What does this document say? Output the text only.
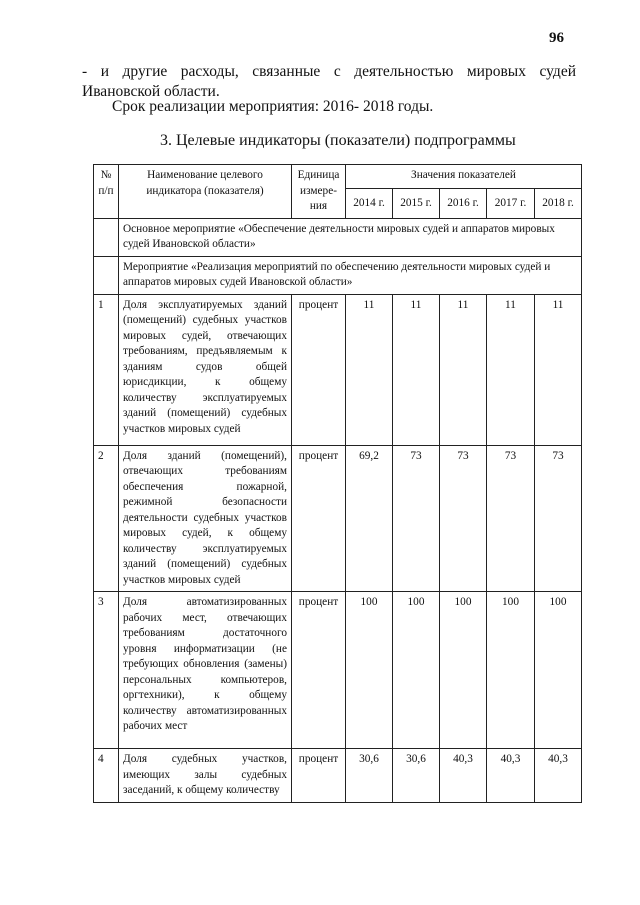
96
- и другие расходы, связанные с деятельностью мировых судей Ивановской области.
Срок реализации мероприятия: 2016- 2018 годы.
3. Целевые индикаторы (показатели) подпрограммы
№ п/п	Наименование целевого индикатора (показателя)	Единица измере-ния	Значения показателей				
			2014 г.	2015 г.	2016 г.	2017 г.	2018 г.
	Основное мероприятие «Обеспечение деятельности мировых судей и аппаратов мировых судей Ивановской области»						
	Мероприятие «Реализация мероприятий по обеспечению деятельности мировых судей и аппаратов мировых судей Ивановской области»						
1	Доля эксплуатируемых зданий (помещений) судебных участков мировых судей, отвечающих требованиям, предъявляемым к зданиям судов общей юрисдикции, к общему количеству эксплуатируемых зданий (помещений) судебных участков мировых судей	процент	11	11	11	11	11
2	Доля зданий (помещений), отвечающих требованиям обеспечения пожарной, режимной безопасности деятельности судебных участков мировых судей, к общему количеству эксплуатируемых зданий (помещений) судебных участков мировых судей	процент	69,2	73	73	73	73
3	Доля автоматизированных рабочих мест, отвечающих требованиям достаточного уровня информатизации (не требующих обновления (замены) персональных компьютеров, оргтехники), к общему количеству автоматизированных рабочих мест	процент	100	100	100	100	100
4	Доля судебных участков, имеющих залы судебных заседаний, к общему количеству	процент	30,6	30,6	40,3	40,3	40,3
